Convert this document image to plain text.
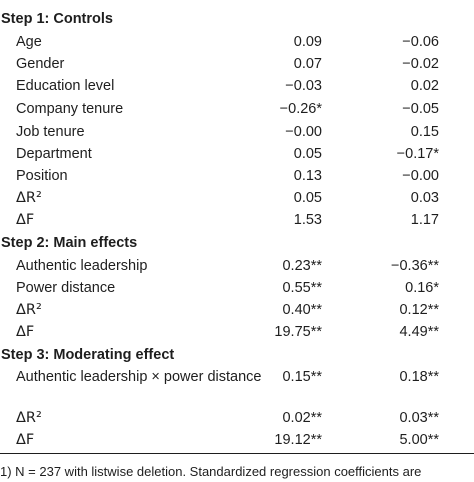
Step 1: Controls
Age	0.09	−0.06
Gender	0.07	−0.02
Education level	−0.03	0.02
Company tenure	−0.26*	−0.05
Job tenure	−0.00	0.15
Department	0.05	−0.17*
Position	0.13	−0.00
ΔR²	0.05	0.03
ΔF	1.53	1.17
Step 2: Main effects
Authentic leadership	0.23**	−0.36**
Power distance	0.55**	0.16*
ΔR²	0.40**	0.12**
ΔF	19.75**	4.49**
Step 3: Moderating effect
Authentic leadership × power distance	0.15**	0.18**
ΔR²	0.02**	0.03**
ΔF	19.12**	5.00**
1) N = 237 with listwise deletion. Standardized regression coefficients are
